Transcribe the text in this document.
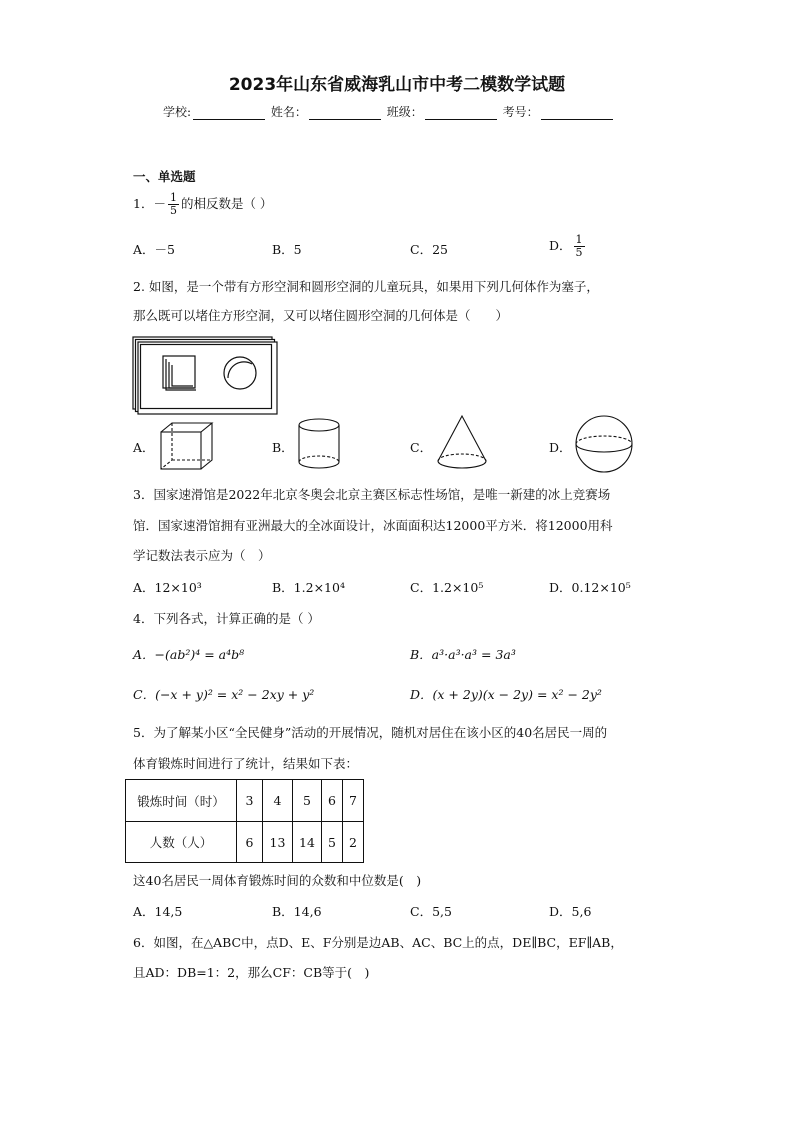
2023年山东省威海乳山市中考二模数学试题
学校:	姓名：	班级：	考号：
一、单选题
1．－ $\frac{1}{5}$ 的相反数是（ ）
A．－5	B．5	C．25	D． $\frac{1}{5}$
2. 如图，是一个带有方形空洞和圆形空洞的儿童玩具，如果用下列几何体作为塞子，
那么既可以堵住方形空洞，又可以堵住圆形空洞的几何体是（　　）
A．	B．	C．	D．
3．国家速滑馆是2022年北京冬奥会北京主赛区标志性场馆，是唯一新建的冰上竞赛场
馆．国家速滑馆拥有亚洲最大的全冰面设计，冰面面积达12000平方米．将12000用科
学记数法表示应为（　）
A．12×10³	B．1.2×10⁴	C．1.2×10⁵	D．0.12×10⁵
4．下列各式，计算正确的是（ ）
A．−(ab²)⁴ = a⁴b⁸	B．a³·a³·a³ = 3a³
C．(−x + y)² = x² − 2xy + y²	D．(x + 2y)(x − 2y) = x² − 2y²
5．为了解某小区“全民健身”活动的开展情况，随机对居住在该小区的40名居民一周的
体育锻炼时间进行了统计，结果如下表：
锻炼时间（时）	3	4	5	6	7
人数（人）	6	13	14	5	2
这40名居民一周体育锻炼时间的众数和中位数是(　)
A．14,5	B．14,6	C．5,5	D．5,6
6．如图，在△ABC中，点D、E、F分别是边AB、AC、BC上的点，DE∥BC，EF∥AB，
且AD：DB=1：2，那么CF：CB等于(　)
